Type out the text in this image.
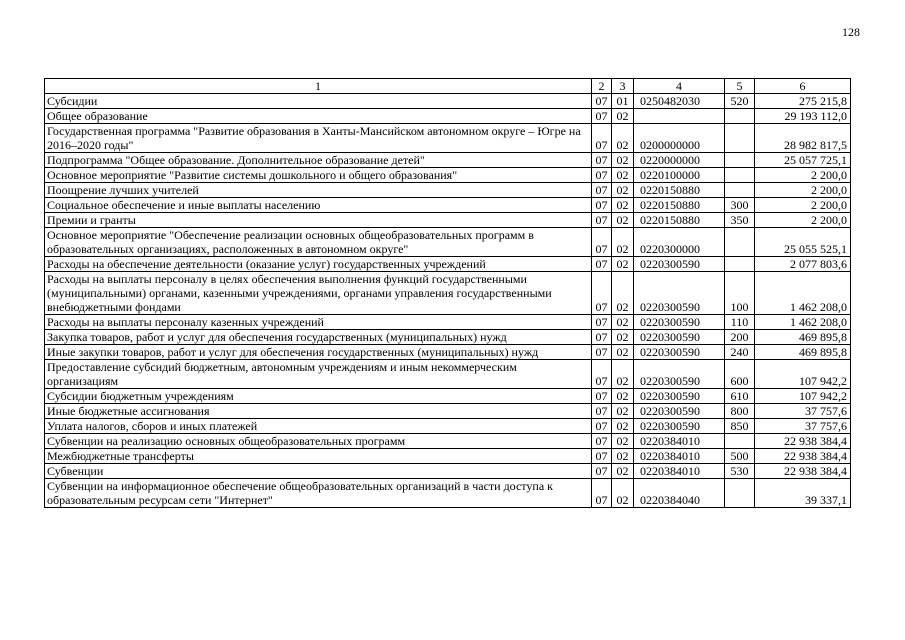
128
1	2	3	4	5	6
Субсидии	07	01	0250482030	520	275 215,8
Общее образование	07	02			29 193 112,0
Государственная программа "Развитие образования в Ханты-Мансийском автономном округе – Югре на 2016–2020 годы"	07	02	0200000000		28 982 817,5
Подпрограмма "Общее образование. Дополнительное образование детей"	07	02	0220000000		25 057 725,1
Основное мероприятие "Развитие системы дошкольного и общего образования"	07	02	0220100000		2 200,0
Поощрение лучших учителей	07	02	0220150880		2 200,0
Социальное обеспечение и иные выплаты населению	07	02	0220150880	300	2 200,0
Премии и гранты	07	02	0220150880	350	2 200,0
Основное мероприятие "Обеспечение реализации основных общеобразовательных программ в образовательных организациях, расположенных в автономном округе"	07	02	0220300000		25 055 525,1
Расходы на обеспечение деятельности (оказание услуг) государственных учреждений	07	02	0220300590		2 077 803,6
Расходы на выплаты персоналу в целях обеспечения выполнения функций государственными (муниципальными) органами, казенными учреждениями, органами управления государственными внебюджетными фондами	07	02	0220300590	100	1 462 208,0
Расходы на выплаты персоналу казенных учреждений	07	02	0220300590	110	1 462 208,0
Закупка товаров, работ и услуг для обеспечения государственных (муниципальных) нужд	07	02	0220300590	200	469 895,8
Иные закупки товаров, работ и услуг для обеспечения государственных (муниципальных) нужд	07	02	0220300590	240	469 895,8
Предоставление субсидий бюджетным, автономным учреждениям и иным некоммерческим организациям	07	02	0220300590	600	107 942,2
Субсидии бюджетным учреждениям	07	02	0220300590	610	107 942,2
Иные бюджетные ассигнования	07	02	0220300590	800	37 757,6
Уплата налогов, сборов и иных платежей	07	02	0220300590	850	37 757,6
Субвенции на реализацию основных общеобразовательных программ	07	02	0220384010		22 938 384,4
Межбюджетные трансферты	07	02	0220384010	500	22 938 384,4
Субвенции	07	02	0220384010	530	22 938 384,4
Субвенции на информационное обеспечение общеобразовательных организаций в части доступа к образовательным ресурсам сети "Интернет"	07	02	0220384040		39 337,1
